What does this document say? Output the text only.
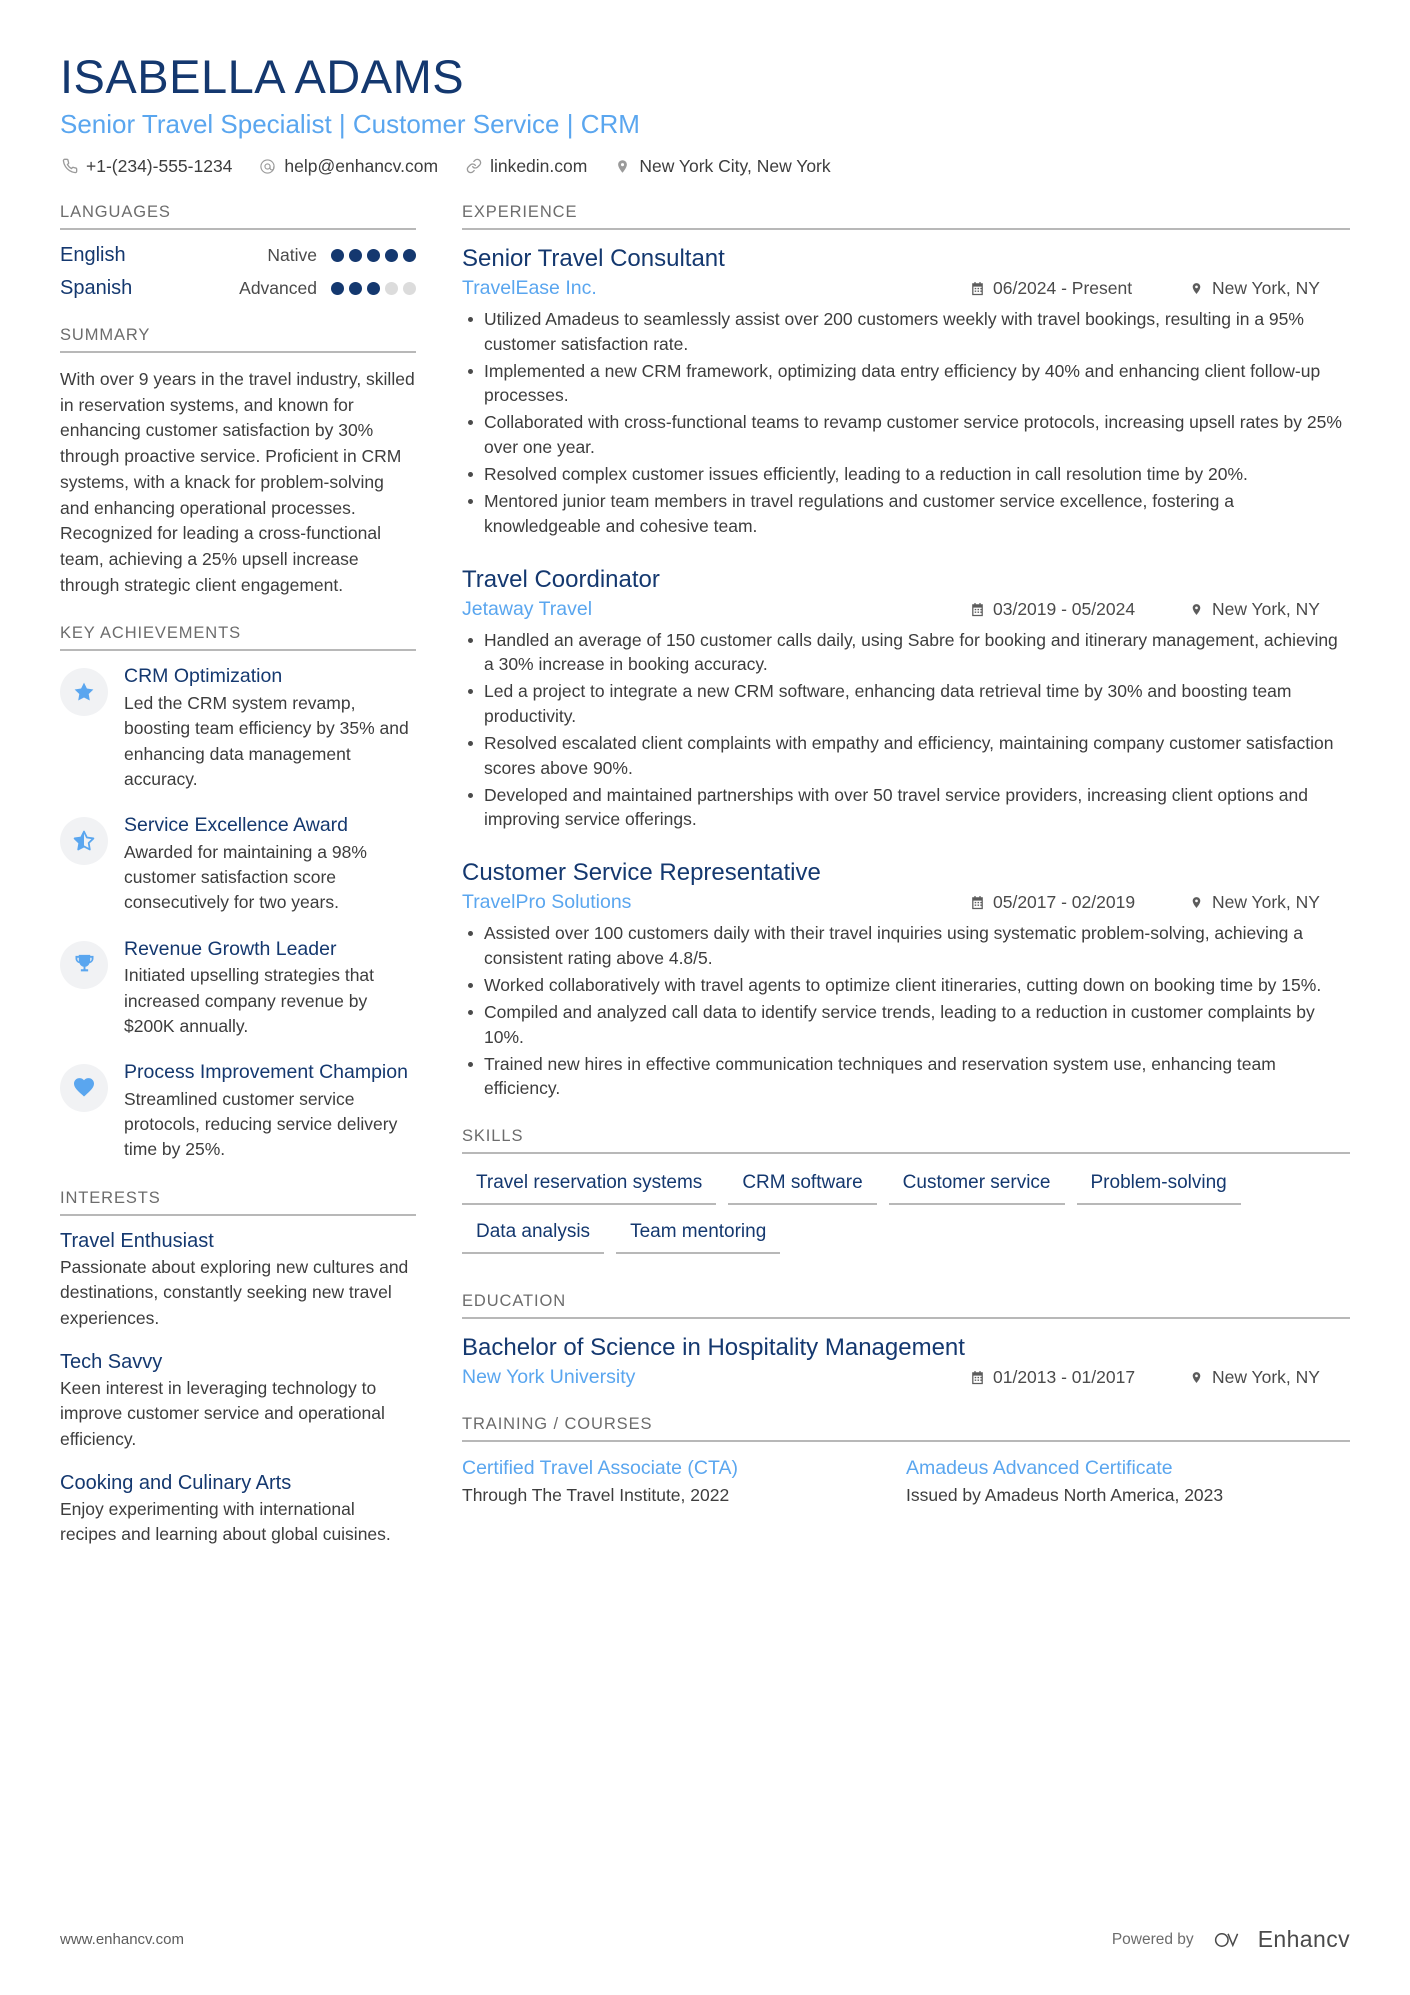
ISABELLA ADAMS
Senior Travel Specialist | Customer Service | CRM
+1-(234)-555-1234	help@enhancv.com	linkedin.com	New York City, New York
LANGUAGES
English	Native
Spanish	Advanced
SUMMARY
With over 9 years in the travel industry, skilled in reservation systems, and known for enhancing customer satisfaction by 30% through proactive service. Proficient in CRM systems, with a knack for problem-solving and enhancing operational processes. Recognized for leading a cross-functional team, achieving a 25% upsell increase through strategic client engagement.
KEY ACHIEVEMENTS
CRM Optimization
Led the CRM system revamp, boosting team efficiency by 35% and enhancing data management accuracy.
Service Excellence Award
Awarded for maintaining a 98% customer satisfaction score consecutively for two years.
Revenue Growth Leader
Initiated upselling strategies that increased company revenue by $200K annually.
Process Improvement Champion
Streamlined customer service protocols, reducing service delivery time by 25%.
INTERESTS
Travel Enthusiast
Passionate about exploring new cultures and destinations, constantly seeking new travel experiences.
Tech Savvy
Keen interest in leveraging technology to improve customer service and operational efficiency.
Cooking and Culinary Arts
Enjoy experimenting with international recipes and learning about global cuisines.
EXPERIENCE
Senior Travel Consultant
TravelEase Inc.	06/2024 - Present	New York, NY
Utilized Amadeus to seamlessly assist over 200 customers weekly with travel bookings, resulting in a 95% customer satisfaction rate.
Implemented a new CRM framework, optimizing data entry efficiency by 40% and enhancing client follow-up processes.
Collaborated with cross-functional teams to revamp customer service protocols, increasing upsell rates by 25% over one year.
Resolved complex customer issues efficiently, leading to a reduction in call resolution time by 20%.
Mentored junior team members in travel regulations and customer service excellence, fostering a knowledgeable and cohesive team.
Travel Coordinator
Jetaway Travel	03/2019 - 05/2024	New York, NY
Handled an average of 150 customer calls daily, using Sabre for booking and itinerary management, achieving a 30% increase in booking accuracy.
Led a project to integrate a new CRM software, enhancing data retrieval time by 30% and boosting team productivity.
Resolved escalated client complaints with empathy and efficiency, maintaining company customer satisfaction scores above 90%.
Developed and maintained partnerships with over 50 travel service providers, increasing client options and improving service offerings.
Customer Service Representative
TravelPro Solutions	05/2017 - 02/2019	New York, NY
Assisted over 100 customers daily with their travel inquiries using systematic problem-solving, achieving a consistent rating above 4.8/5.
Worked collaboratively with travel agents to optimize client itineraries, cutting down on booking time by 15%.
Compiled and analyzed call data to identify service trends, leading to a reduction in customer complaints by 10%.
Trained new hires in effective communication techniques and reservation system use, enhancing team efficiency.
SKILLS
Travel reservation systems	CRM software	Customer service	Problem-solving
Data analysis	Team mentoring
EDUCATION
Bachelor of Science in Hospitality Management
New York University	01/2013 - 01/2017	New York, NY
TRAINING / COURSES
Certified Travel Associate (CTA)
Through The Travel Institute, 2022
Amadeus Advanced Certificate
Issued by Amadeus North America, 2023
www.enhancv.com	Powered by	Enhancv
